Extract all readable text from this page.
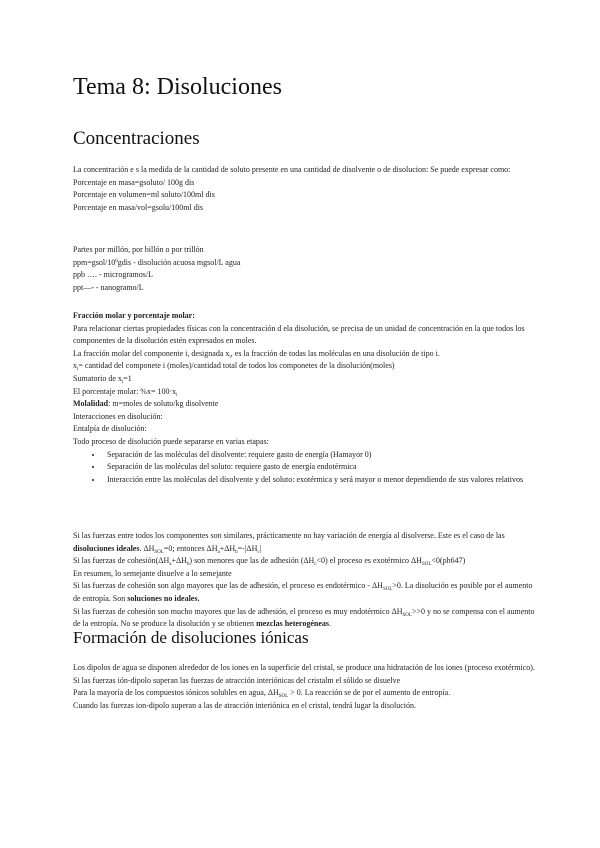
Tema 8: Disoluciones
Concentraciones

La concentración e s la medida de la cantidad de soluto presente en una cantidad de disolvente o de disolucion: Se puede expresar como:

Porcentaje en masa=gsoluto/ 100g dis

Porcentaje en volumen=ml soluto/100ml dis

Porcentaje en masa/vol=gsolu/100ml dis

Partes por millón, por billón o por trillón

$ppm=gsol/10^6gdis$ - disolución acuosa mgsol/L agua

ppb …. - microgramos/L

ppt—- - nanogramo/L

Fracción molar y porcentaje molar:

Para relacionar ciertas propiedades físicas con la concentración d ela disolución, se precisa de un unidad de concentración en la que todos los componentes de la disolución estén expresados en moles.

La fracción molar del componente i, designada $x_i$, es la fracción de todas las moléculas en una disolución de tipo i.

$x_i=$ cantidad del componete i (moles)/cantidad total de todos los componetes de la disolución(moles)

Sumatorio de $x_i=1$

El porcentaje molar: $\%x= 100\cdot x_i$

Molalidad: m=moles de soluto/kg disolvente

Interacciones en disolución:

Entalpía de disolución:

Todo proceso de disolución puede separarse en varias etapas:

• Separación de las moléculas del disolvente: requiere gasto de energía (Hamayor 0)
• Separación de las moléculas del soluto: requiere gasto de energía endotérmica
• Interacción entre las moléculas del disolvente y del soluto: exotérmica y será mayor o menor dependiendo de sus valores relativos

Si las fuerzas entre todos los componentes son similares, prácticamente no hay variación de energía al disolverse. Este es el caso de las disoluciones ideales. $\Delta H_{SOL}=0$; entonces $\Delta H_a+\Delta H_b=-|\Delta H_c|$

Si las fuerzas de $cohesión(\Delta H_a+\Delta H_b)$ son menores que las de adhesión $(\Delta H_c<0)$ el proceso es exotérmico $\Delta H_{SOL}<0(ph647)$

En resumen, lo semejante disuelve a lo semejante

Si las fuerzas de cohesión son algo mayores que las de adhesión, el proceso es endotérmico - $\Delta H_{SOL}>0$. La disolución es posible por el aumento de entropía. Son soluciones no ideales.

Si las fuerzas de cohesión son mucho mayores que las de adhesión, el proceso es muy endotérmico $\Delta H_{SOL}>>0$ y no se compensa con el aumento de la entropía. No se produce la disolución y se obtienen mezclas heterogéneas.

Formación de disoluciones iónicas

Los dipolos de agua se disponen alrededor de los iones en la superficie del cristal, se produce una hidratación de los iones (proceso exotérmico). Si las fuerzas ión-dipolo superan las fuerzas de atracción interiónicas del cristalm el sólido se disuelve

Para la mayoría de los compuestos iónicos solubles en agua, $\Delta H_{SOL} > 0$. La reacción se de por el aumento de entropía.

Cuando las fuerzas ion-dipolo superan a las de atracción interiónica en el cristal, tendrá lugar la disolución.
